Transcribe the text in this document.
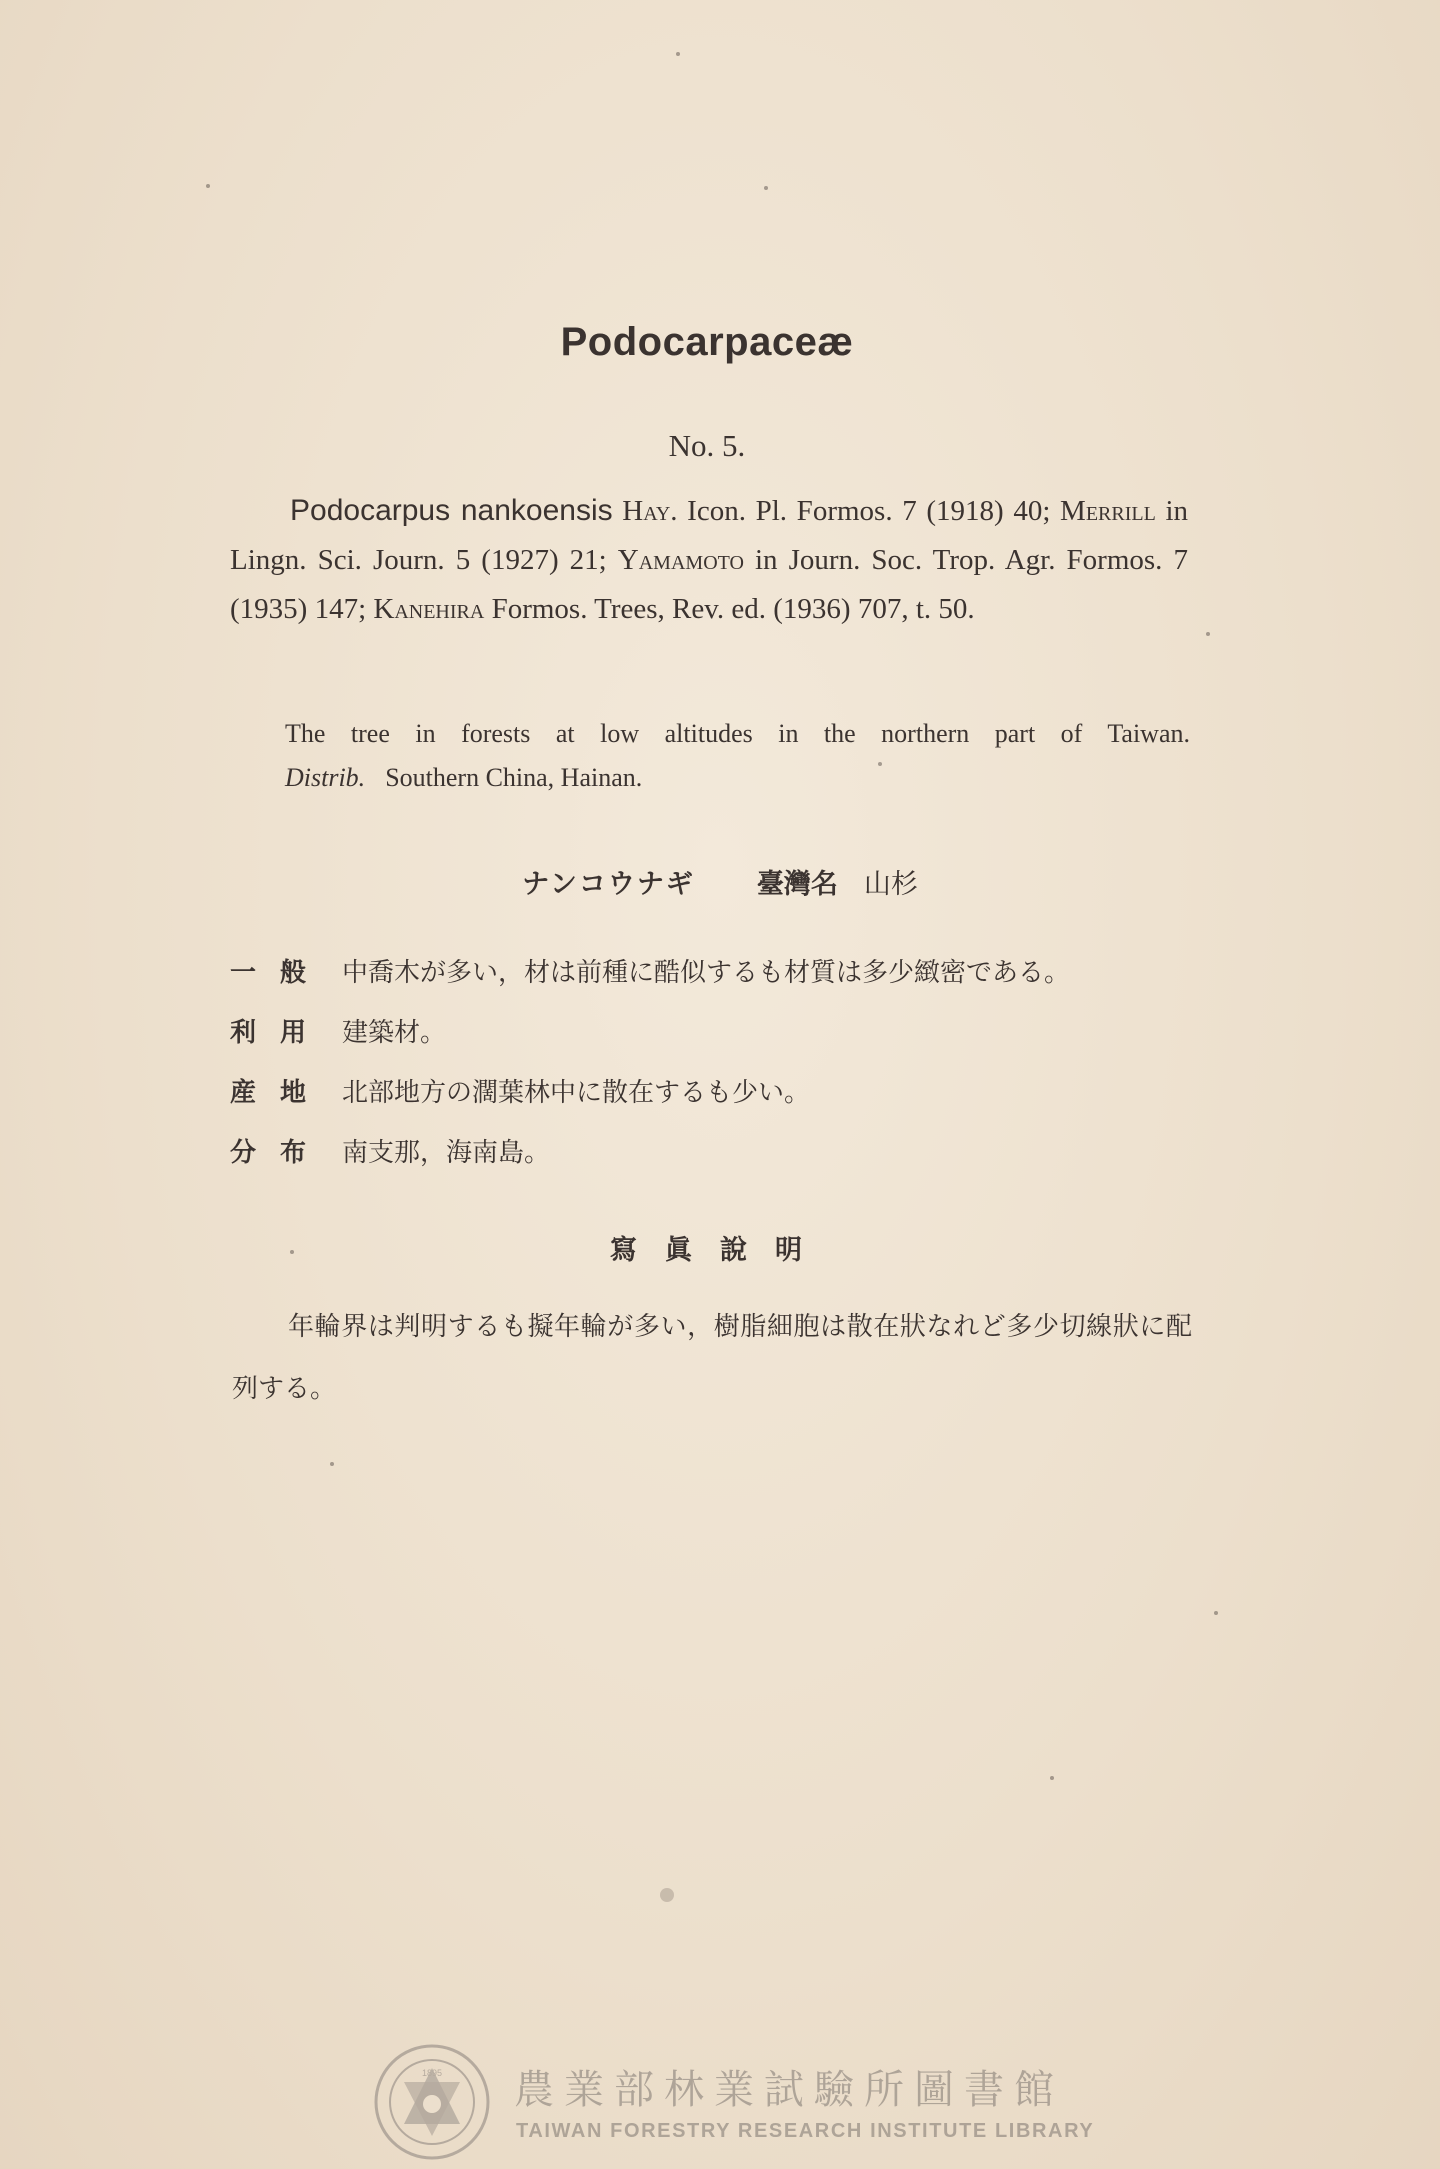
Podocarpaceæ
No. 5.
Podocarpus nankoensis Hay. Icon. Pl. Formos. 7 (1918) 40; Merrill in Lingn. Sci. Journ. 5 (1927) 21; Yamamoto in Journ. Soc. Trop. Agr. Formos. 7 (1935) 147; Kanehira Formos. Trees, Rev. ed. (1936) 707, t. 50.
The tree in forests at low altitudes in the northern part of Taiwan.
Distrib. Southern China, Hainan.
ナンコウナギ 臺灣名 山杉
一般 中喬木が多い，材は前種に酷似するも材質は多少緻密である。
利用 建築材。
産地 北部地方の濶葉林中に散在するも少い。
分布 南支那，海南島。
寫眞說明
年輪界は判明するも擬年輪が多い，樹脂細胞は散在狀なれど多少切線狀に配列する。
1895 農業部林業試驗所圖書館
TAIWAN FORESTRY RESEARCH INSTITUTE LIBRARY
